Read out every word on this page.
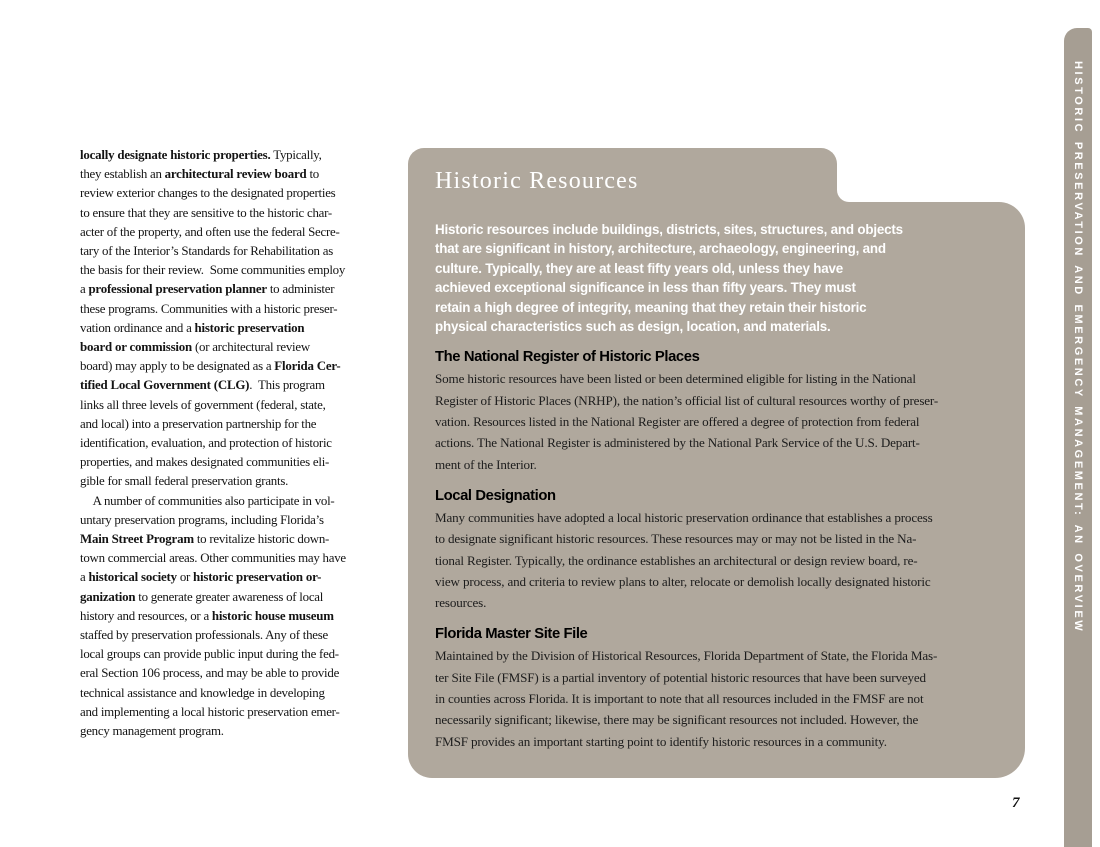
locally designate historic properties. Typically,
they establish an architectural review board to
review exterior changes to the designated properties
to ensure that they are sensitive to the historic char-
acter of the property, and often use the federal Secre-
tary of the Interior’s Standards for Rehabilitation as
the basis for their review.  Some communities employ
a professional preservation planner to administer
these programs. Communities with a historic preser-
vation ordinance and a historic preservation
board or commission (or architectural review
board) may apply to be designated as a Florida Cer-
tified Local Government (CLG).  This program
links all three levels of government (federal, state,
and local) into a preservation partnership for the
identification, evaluation, and protection of historic
properties, and makes designated communities eli-
gible for small federal preservation grants.
 A number of communities also participate in vol-
untary preservation programs, including Florida’s
Main Street Program to revitalize historic down-
town commercial areas. Other communities may have
a historical society or historic preservation or-
ganization to generate greater awareness of local
history and resources, or a historic house museum
staffed by preservation professionals. Any of these
local groups can provide public input during the fed-
eral Section 106 process, and may be able to provide
technical assistance and knowledge in developing
and implementing a local historic preservation emer-
gency management program.
Historic Resources
Historic resources include buildings, districts, sites, structures, and objects
that are significant in history, architecture, archaeology, engineering, and
culture. Typically, they are at least fifty years old, unless they have
achieved exceptional significance in less than fifty years. They must
retain a high degree of integrity, meaning that they retain their historic
physical characteristics such as design, location, and materials.
The National Register of Historic Places
Some historic resources have been listed or been determined eligible for listing in the National
Register of Historic Places (NRHP), the nation’s official list of cultural resources worthy of preser-
vation. Resources listed in the National Register are offered a degree of protection from federal
actions. The National Register is administered by the National Park Service of the U.S. Depart-
ment of the Interior.
Local Designation
Many communities have adopted a local historic preservation ordinance that establishes a process
to designate significant historic resources. These resources may or may not be listed in the Na-
tional Register. Typically, the ordinance establishes an architectural or design review board, re-
view process, and criteria to review plans to alter, relocate or demolish locally designated historic
resources.
Florida Master Site File
Maintained by the Division of Historical Resources, Florida Department of State, the Florida Mas-
ter Site File (FMSF) is a partial inventory of potential historic resources that have been surveyed
in counties across Florida. It is important to note that all resources included in the FMSF are not
necessarily significant; likewise, there may be significant resources not included. However, the
FMSF provides an important starting point to identify historic resources in a community.
HISTORIC PRESERVATION AND EMERGENCY MANAGEMENT: AN OVERVIEW
7
